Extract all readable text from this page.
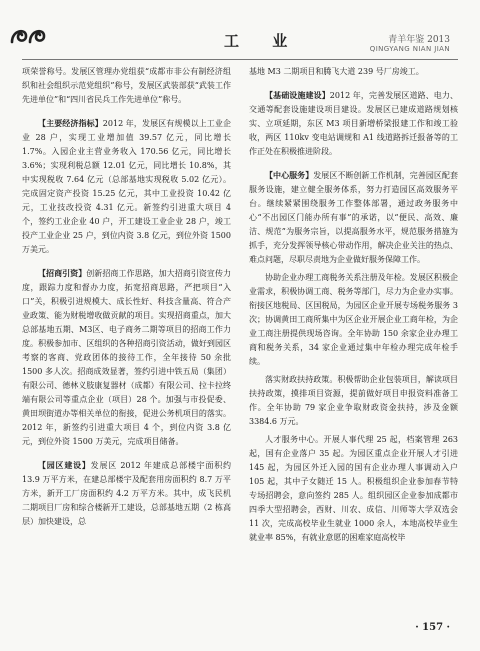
工 业	青羊年鉴 2013
QINGYANG NIAN JIAN

项荣誉称号。发展区管理办党组获“成都市非公有制经济组织和社会组织示范党组织”称号，发展区武装部获“武装工作先进单位”和“四川省民兵工作先进单位”称号。

【主要经济指标】2012 年，发展区有规模以上工业企业 28 户，实现工业增加值 39.57 亿元，同比增长 1.7%。入园企业主营业务收入 170.56 亿元，同比增长 3.6%；实现利税总额 12.01 亿元，同比增长 10.8%，其中实现税收 7.64 亿元（总部基地实现税收 5.02 亿元）。完成固定资产投资 15.25 亿元，其中工业投资 10.42 亿元，工业技改投资 4.31 亿元。新签约引进重大项目 4 个，签约工业企业 40 户，开工建设工业企业 28 户，竣工投产工业企业 25 户，到位内资 3.8 亿元，到位外资 1500 万美元。

【招商引资】创新招商工作思路，加大招商引资宣传力度，跟踪力度和督办力度，拓宽招商思路，严把项目“入口”关，积极引进规模大、成长性好、科技含量高、符合产业政策、能为财税增收做贡献的项目。实现招商重点，加大总部基地五期、M3区、电子商务二期等项目的招商工作力度。积极参加市、区组织的各种招商引资活动，做好到园区考察的客商、党政团体的接待工作，全年接待 50 余批 1500 多人次。招商成效显著，签约引进中铁五局（集团）有限公司、德林义肢康复器材（成都）有限公司、拉卡拉终端有限公司等重点企业（项目）28 个。加强与市投促委、黄田坝街道办等相关单位的衔接，促进公务机项目的落实。2012 年，新签约引进重大项目 4 个，到位内资 3.8 亿元，到位外资 1500 万美元，完成项目储备。

【园区建设】发展区 2012 年建成总部楼宇面积约 13.9 万平方米，在建总部楼宇及配套用房面积约 8.7 万平方米，新开工厂房面积约 4.2 万平方米。其中，成飞民机二期项目厂房和综合楼新开工建设，总部基地五期（2 栋高层）加快建设，总

基地 M3 二期项目和腾飞大道 239 号厂房竣工。

【基础设施建设】2012 年，完善发展区道路、电力、交通等配套设施建设项目建设。发展区已建成道路规划核实、立项延期，东区 M3 项目新增桥梁报建工作和竣工验收，两区 110kv 变电站调规和 A1 线道路拆迁报备等的工作正处在积极推进阶段。

【中心服务】发展区不断创新工作机制，完善园区配套服务设施，建立健全服务体系，努力打造园区高效服务平台。继续紧紧围绕服务工作整体部署，通过政务服务中心“不出园区门能办所有事”的承诺，以“便民、高效、廉洁、规范”为服务宗旨，以提高服务水平，规范服务措施为抓手，充分发挥领导核心带动作用，解决企业关注的热点、难点问题，尽职尽责地为企业做好服务保障工作。

协助企业办理工商税务关系注册及年检。发展区积极企业需求，积极协调工商、税务等部门，尽力为企业办实事。衔接区地税局、区国税局，为园区企业开展专场税务服务 3 次；协调黄田工商所集中为区企业开展企业工商年检，为企业工商注册提供现场咨询。全年协助 150 余家企业办理工商和税务关系，34 家企业通过集中年检办理完成年检手续。

落实财政扶持政策。积极帮助企业包装项目，解读项目扶持政策，摸排项目资源，提前做好项目申报资料准备工作。全年协助 79 家企业争取财政资金扶持，涉及金额 3384.6 万元。

人才服务中心。开展人事代理 25 起，档案管理 263 起，国有企业落户 35 起。为园区重点企业开展人才引进 145 起，为园区外迁入园的国有企业办理人事调动入户 105 起，其中子女随迁 15 人。积极组织企业参加春节特专场招聘会，意向签约 285 人。组织园区企业参加成都市四季大型招聘会，西财、川农、成信、川师等大学双选会 11 次，完成高校毕业生就业 1000 余人，本地高校毕业生就业率 85%，有就业意愿的困难家庭高校毕

· 157 ·
